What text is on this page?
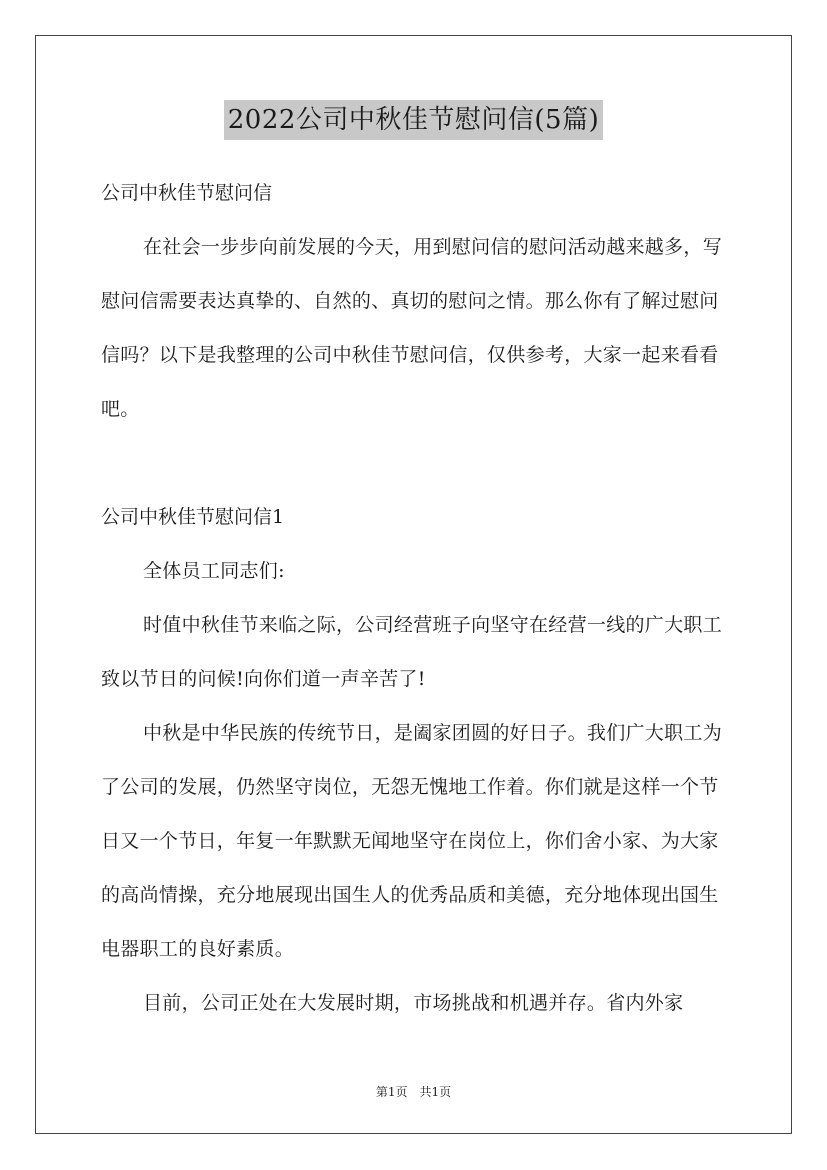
2022公司中秋佳节慰问信(5篇)

公司中秋佳节慰问信

在社会一步步向前发展的今天，用到慰问信的慰问活动越来越多，写慰问信需要表达真挚的、自然的、真切的慰问之情。那么你有了解过慰问信吗？以下是我整理的公司中秋佳节慰问信，仅供参考，大家一起来看看吧。

公司中秋佳节慰问信1

全体员工同志们:

时值中秋佳节来临之际，公司经营班子向坚守在经营一线的广大职工致以节日的问候!向你们道一声辛苦了!

中秋是中华民族的传统节日，是阖家团圆的好日子。我们广大职工为了公司的发展，仍然坚守岗位，无怨无愧地工作着。你们就是这样一个节日又一个节日，年复一年默默无闻地坚守在岗位上，你们舍小家、为大家的高尚情操，充分地展现出国生人的优秀品质和美德，充分地体现出国生电器职工的良好素质。

目前，公司正处在大发展时期，市场挑战和机遇并存。省内外家

第1页　共1页
